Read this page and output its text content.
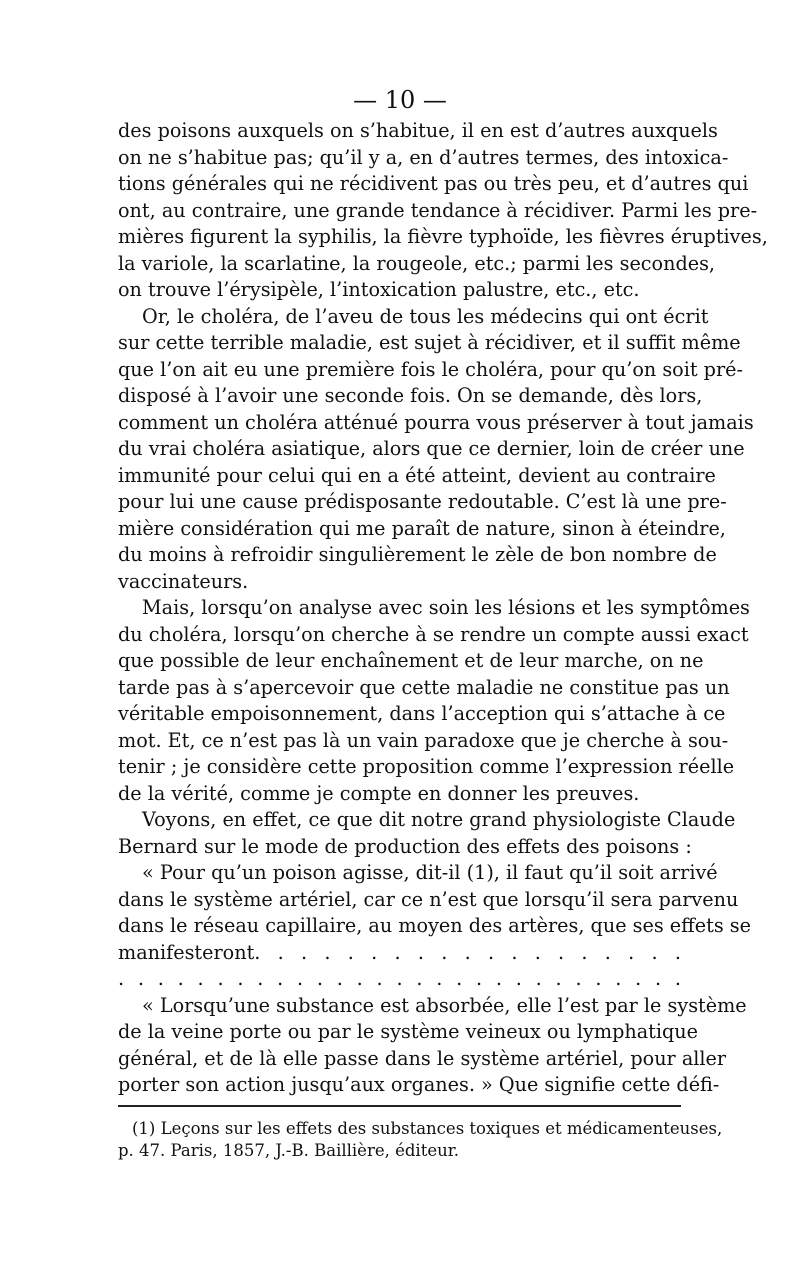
— 10 —
des poisons auxquels on s’habitue, il en est d’autres auxquels
on ne s’habitue pas; qu’il y a, en d’autres termes, des intoxica-
tions générales qui ne récidivent pas ou très peu, et d’autres qui
ont, au contraire, une grande tendance à récidiver. Parmi les pre-
mières figurent la syphilis, la fièvre typhoïde, les fièvres éruptives,
la variole, la scarlatine, la rougeole, etc.; parmi les secondes,
on trouve l’érysipèle, l’intoxication palustre, etc., etc.
Or, le choléra, de l’aveu de tous les médecins qui ont écrit
sur cette terrible maladie, est sujet à récidiver, et il suffit même
que l’on ait eu une première fois le choléra, pour qu’on soit pré-
disposé à l’avoir une seconde fois. On se demande, dès lors,
comment un choléra atténué pourra vous préserver à tout jamais
du vrai choléra asiatique, alors que ce dernier, loin de créer une
immunité pour celui qui en a été atteint, devient au contraire
pour lui une cause prédisposante redoutable. C’est là une pre-
mière considération qui me paraît de nature, sinon à éteindre,
du moins à refroidir singulièrement le zèle de bon nombre de
vaccinateurs.
Mais, lorsqu’on analyse avec soin les lésions et les symptômes
du choléra, lorsqu’on cherche à se rendre un compte aussi exact
que possible de leur enchaînement et de leur marche, on ne
tarde pas à s’apercevoir que cette maladie ne constitue pas un
véritable empoisonnement, dans l’acception qui s’attache à ce
mot. Et, ce n’est pas là un vain paradoxe que je cherche à sou-
tenir ; je considère cette proposition comme l’expression réelle
de la vérité, comme je compte en donner les preuves.
Voyons, en effet, ce que dit notre grand physiologiste Claude
Bernard sur le mode de production des effets des poisons :
« Pour qu’un poison agisse, dit-il (1), il faut qu’il soit arrivé
dans le système artériel, car ce n’est que lorsqu’il sera parvenu
dans le réseau capillaire, au moyen des artères, que ses effets se
manifesteront. . . . . . . . . . . . . . . . . . .
. . . . . . . . . . . . . . . . . . . . . . . . . . . . .
« Lorsqu’une substance est absorbée, elle l’est par le système
de la veine porte ou par le système veineux ou lymphatique
général, et de là elle passe dans le système artériel, pour aller
porter son action jusqu’aux organes. » Que signifie cette défi-
(1) Leçons sur les effets des substances toxiques et médicamenteuses,
p. 47. Paris, 1857, J.-B. Baillière, éditeur.
